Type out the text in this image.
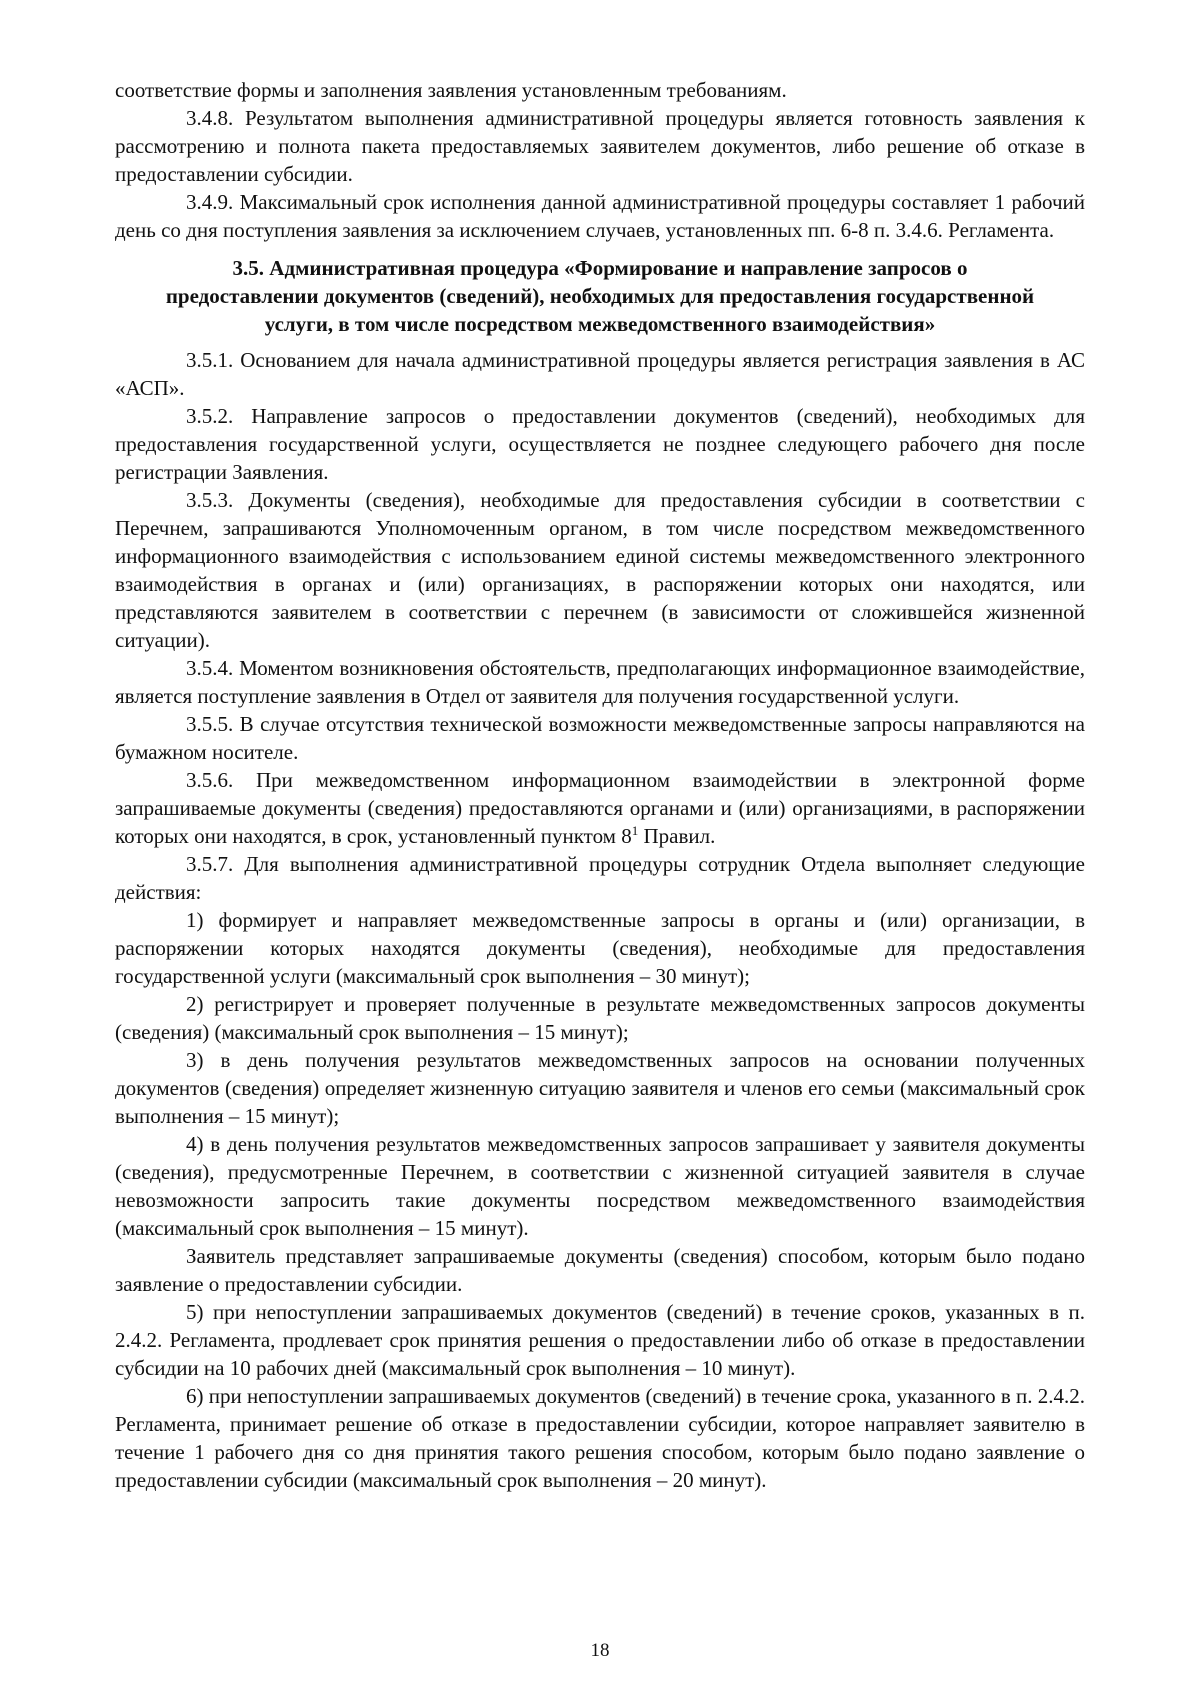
соответствие формы и заполнения заявления установленным требованиям.

3.4.8. Результатом выполнения административной процедуры является готовность заявления к рассмотрению и полнота пакета предоставляемых заявителем документов, либо решение об отказе в предоставлении субсидии.

3.4.9. Максимальный срок исполнения данной административной процедуры составляет 1 рабочий день со дня поступления заявления за исключением случаев, установленных пп. 6-8 п. 3.4.6. Регламента.

3.5. Административная процедура «Формирование и направление запросов о
предоставлении документов (сведений), необходимых для предоставления государственной
услуги, в том числе посредством межведомственного взаимодействия»

3.5.1. Основанием для начала административной процедуры является регистрация заявления в АС «АСП».

3.5.2. Направление запросов о предоставлении документов (сведений), необходимых для предоставления государственной услуги, осуществляется не позднее следующего рабочего дня после регистрации Заявления.

3.5.3. Документы (сведения), необходимые для предоставления субсидии в соответствии с Перечнем, запрашиваются Уполномоченным органом, в том числе посредством межведомственного информационного взаимодействия с использованием единой системы межведомственного электронного взаимодействия в органах и (или) организациях, в распоряжении которых они находятся, или представляются заявителем в соответствии с перечнем (в зависимости от сложившейся жизненной ситуации).

3.5.4. Моментом возникновения обстоятельств, предполагающих информационное взаимодействие, является поступление заявления в Отдел от заявителя для получения государственной услуги.

3.5.5. В случае отсутствия технической возможности межведомственные запросы направляются на бумажном носителе.

3.5.6. При межведомственном информационном взаимодействии в электронной форме запрашиваемые документы (сведения) предоставляются органами и (или) организациями, в распоряжении которых они находятся, в срок, установленный пунктом $8^1$ Правил.

3.5.7. Для выполнения административной процедуры сотрудник Отдела выполняет следующие действия:

1) формирует и направляет межведомственные запросы в органы и (или) организации, в распоряжении которых находятся документы (сведения), необходимые для предоставления государственной услуги (максимальный срок выполнения – 30 минут);

2) регистрирует и проверяет полученные в результате межведомственных запросов документы (сведения) (максимальный срок выполнения – 15 минут);

3) в день получения результатов межведомственных запросов на основании полученных документов (сведения) определяет жизненную ситуацию заявителя и членов его семьи (максимальный срок выполнения – 15 минут);

4) в день получения результатов межведомственных запросов запрашивает у заявителя документы (сведения), предусмотренные Перечнем, в соответствии с жизненной ситуацией заявителя в случае невозможности запросить такие документы посредством межведомственного взаимодействия (максимальный срок выполнения – 15 минут).

Заявитель представляет запрашиваемые документы (сведения) способом, которым было подано заявление о предоставлении субсидии.

5) при непоступлении запрашиваемых документов (сведений) в течение сроков, указанных в п. 2.4.2. Регламента, продлевает срок принятия решения о предоставлении либо об отказе в предоставлении субсидии на 10 рабочих дней (максимальный срок выполнения – 10 минут).

6) при непоступлении запрашиваемых документов (сведений) в течение срока, указанного в п. 2.4.2. Регламента, принимает решение об отказе в предоставлении субсидии, которое направляет заявителю в течение 1 рабочего дня со дня принятия такого решения способом, которым было подано заявление о предоставлении субсидии (максимальный срок выполнения – 20 минут).

18
